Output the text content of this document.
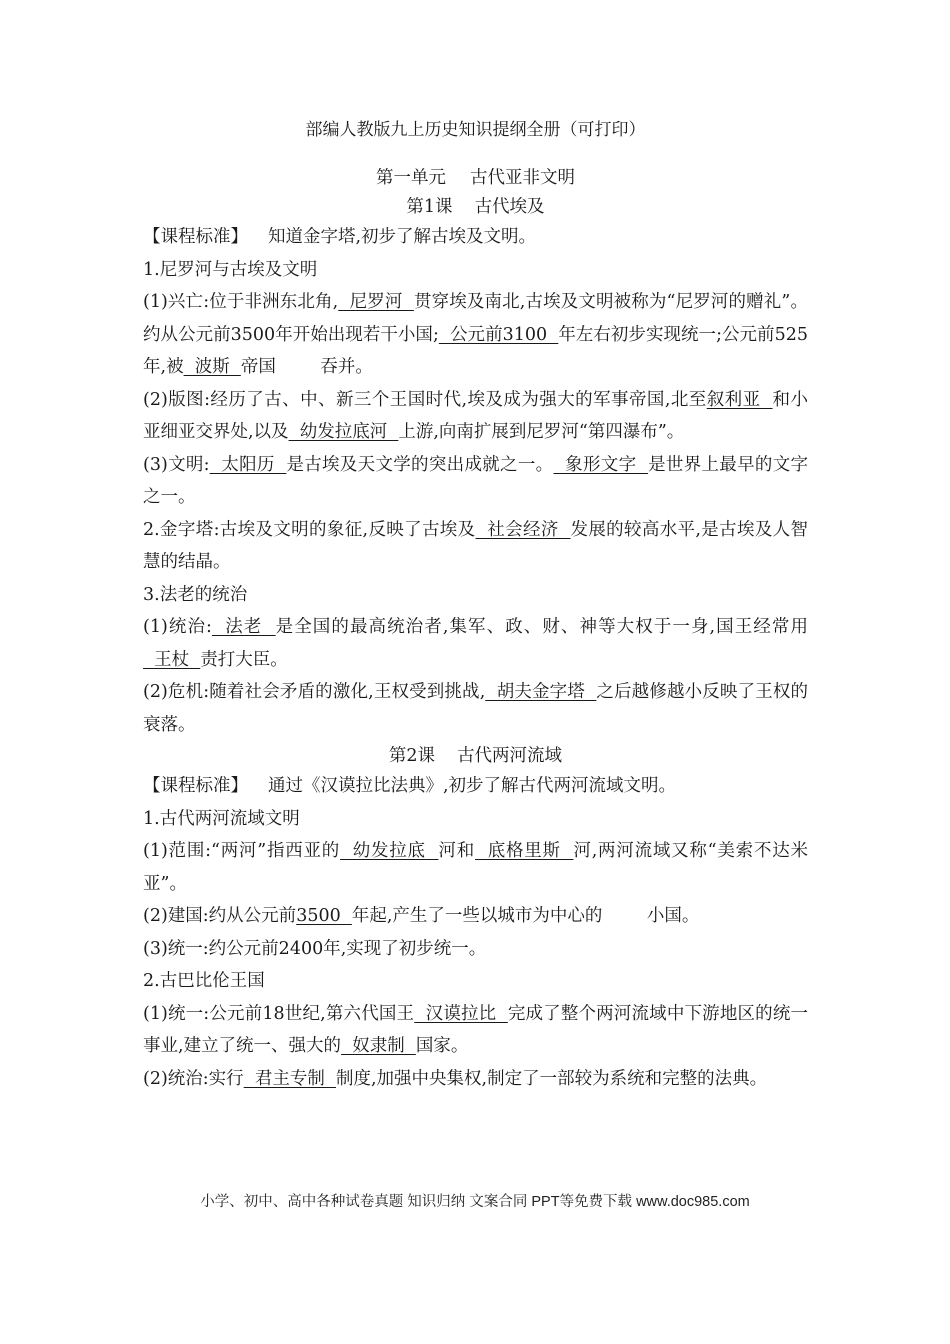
部编人教版九上历史知识提纲全册（可打印）
第一单元 古代亚非文明
第1课 古代埃及

【课程标准】 知道金字塔,初步了解古埃及文明。

1.尼罗河与古埃及文明

(1)兴亡:位于非洲东北角,  尼罗河  贯穿埃及南北,古埃及文明被称为“尼罗河的赠礼”。约从公元前3500年开始出现若干小国;  公元前3100  年左右初步实现统一;公元前525年,被  波斯  帝国        吞并。

(2)版图:经历了古、中、新三个王国时代,埃及成为强大的军事帝国,北至叙利亚  和小亚细亚交界处,以及  幼发拉底河  上游,向南扩展到尼罗河“第四瀑布”。

(3)文明:  太阳历  是古埃及天文学的突出成就之一。  象形文字  是世界上最早的文字之一。

2.金字塔:古埃及文明的象征,反映了古埃及  社会经济  发展的较高水平,是古埃及人智慧的结晶。

3.法老的统治

(1)统治:  法老  是全国的最高统治者,集军、政、财、神等大权于一身,国王经常用  王杖  责打大臣。

(2)危机:随着社会矛盾的激化,王权受到挑战,  胡夫金字塔  之后越修越小反映了王权的衰落。

第2课 古代两河流域

【课程标准】 通过《汉谟拉比法典》,初步了解古代两河流域文明。

1.古代两河流域文明

(1)范围:“两河”指西亚的  幼发拉底  河和  底格里斯  河,两河流域又称“美索不达米亚”。

(2)建国:约从公元前3500  年起,产生了一些以城市为中心的        小国。

(3)统一:约公元前2400年,实现了初步统一。

2.古巴比伦王国

(1)统一:公元前18世纪,第六代国王  汉谟拉比  完成了整个两河流域中下游地区的统一事业,建立了统一、强大的  奴隶制  国家。

(2)统治:实行  君主专制  制度,加强中央集权,制定了一部较为系统和完整的法典。

小学、初中、高中各种试卷真题 知识归纳 文案合同 PPT等免费下载 www.doc985.com
